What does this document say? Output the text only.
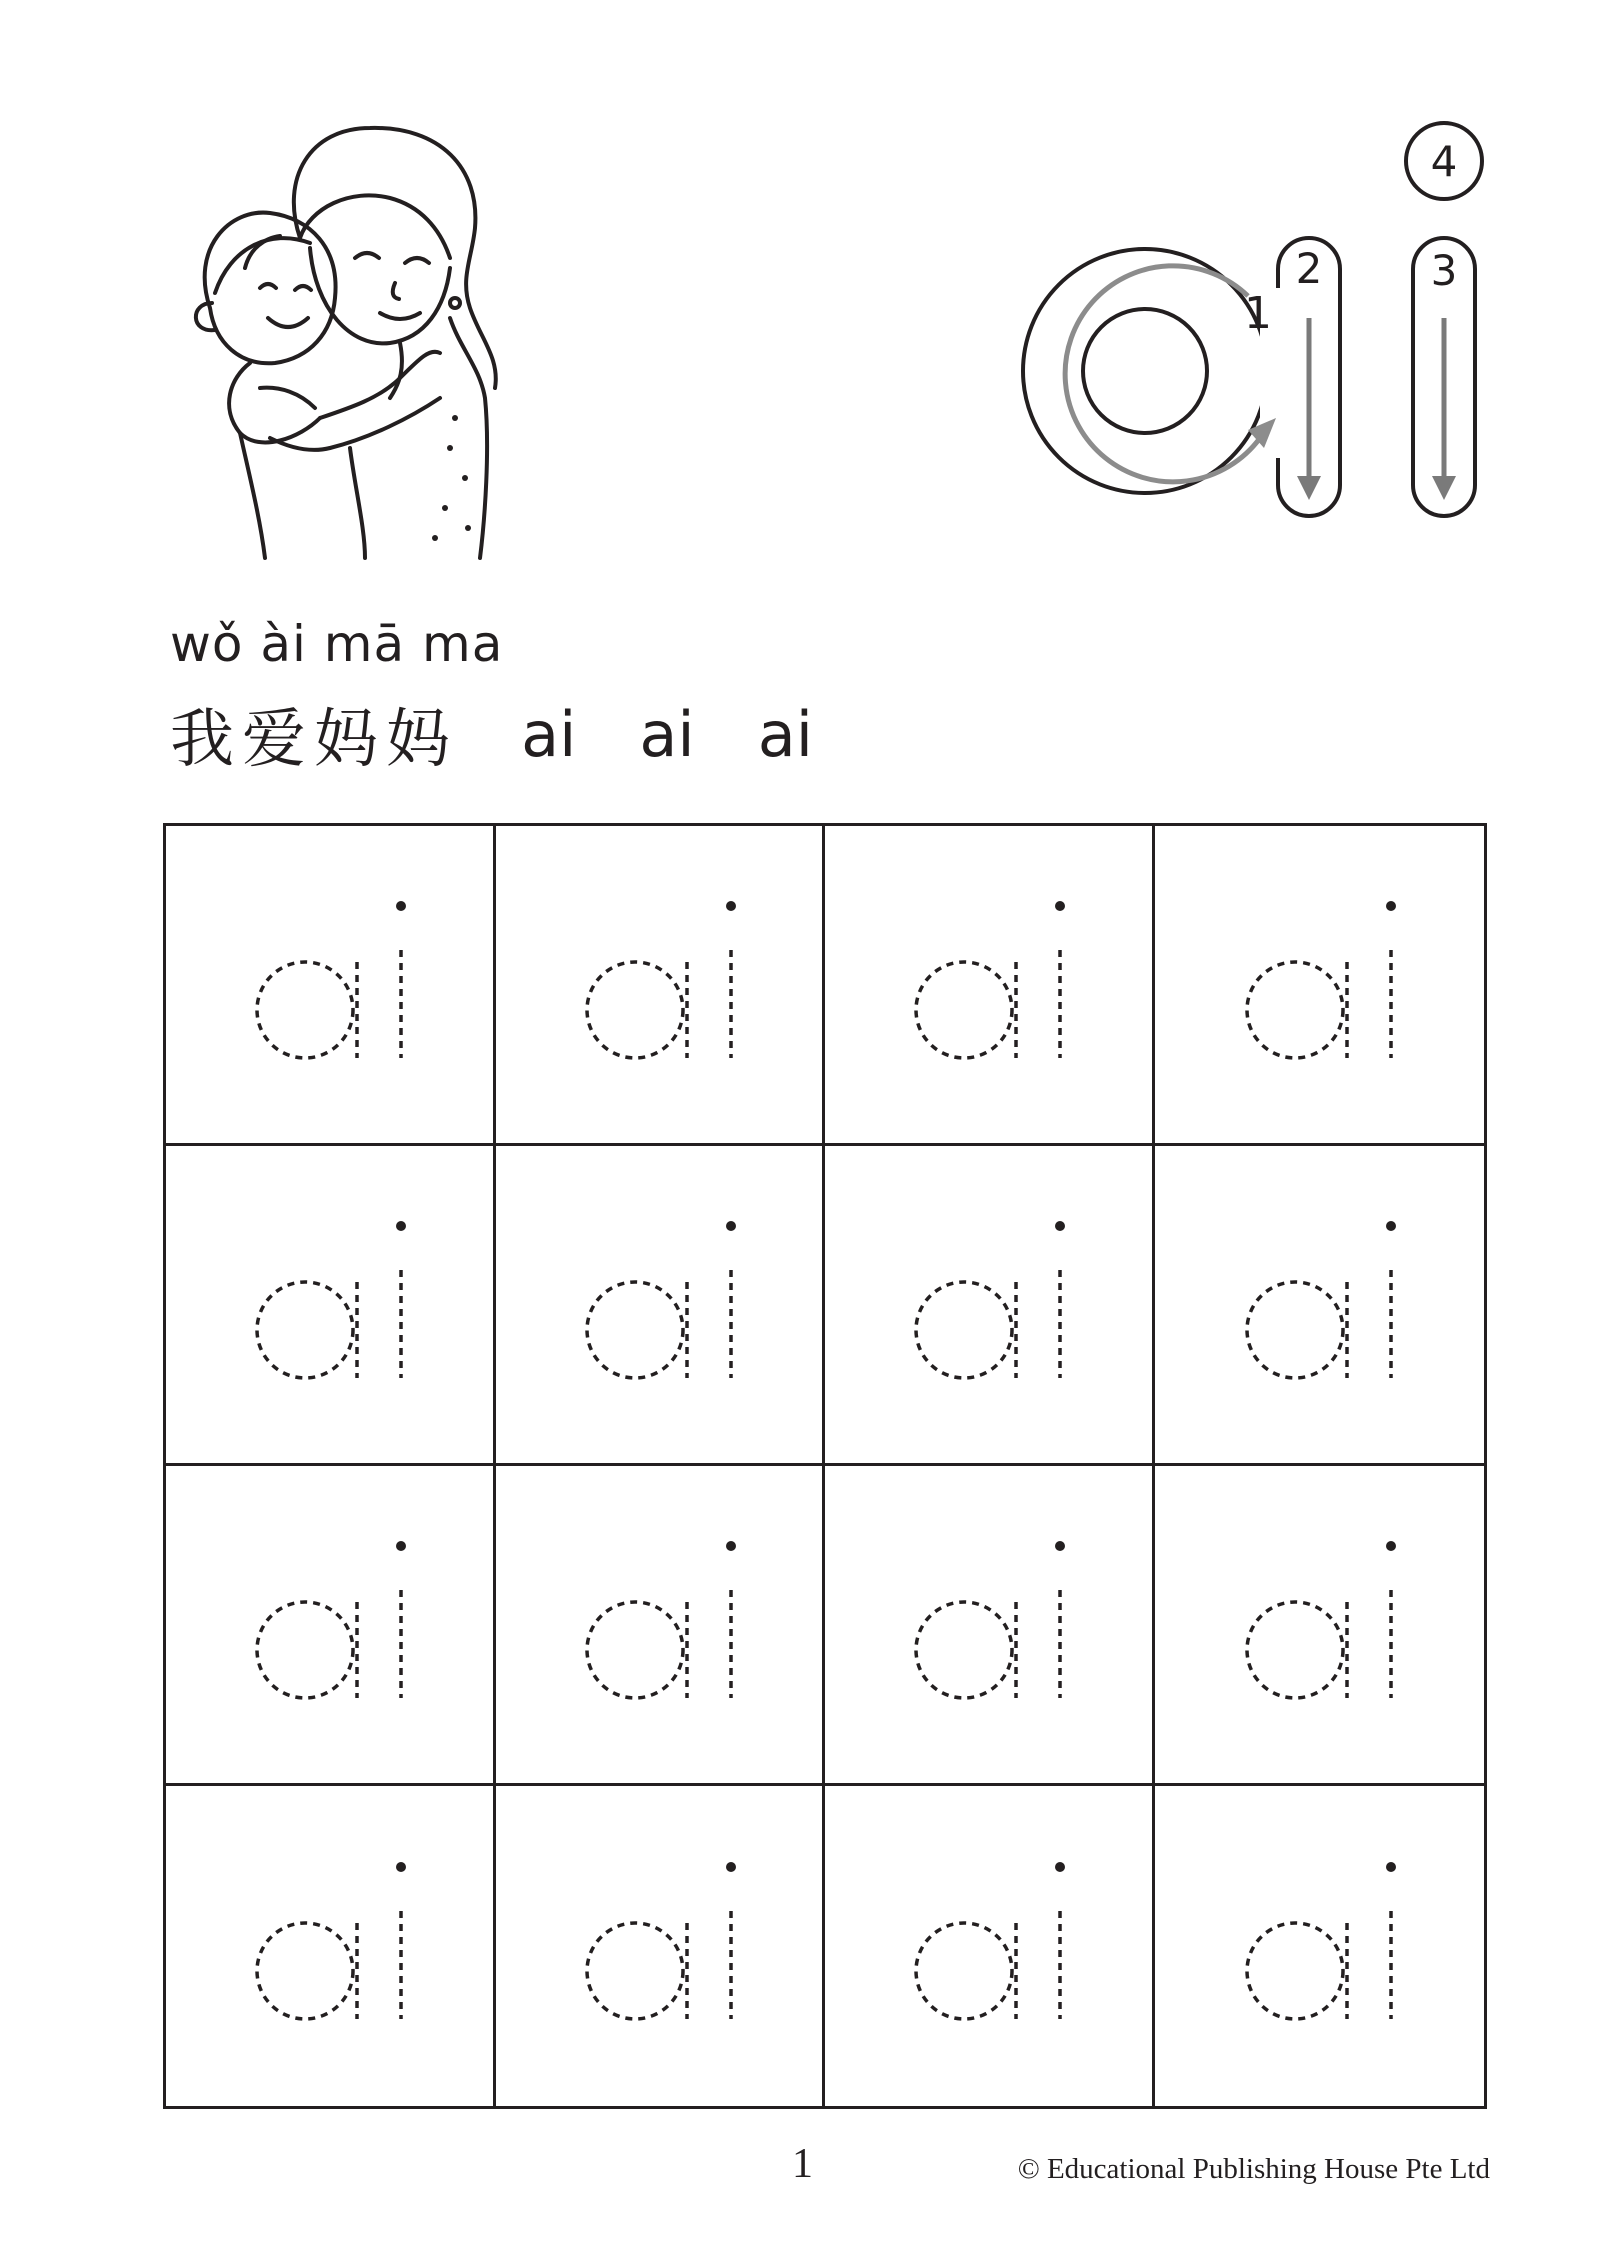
1
2	3
4
wǒ ài mā ma
我爱妈妈 ai ai ai
1	© Educational Publishing House Pte Ltd
